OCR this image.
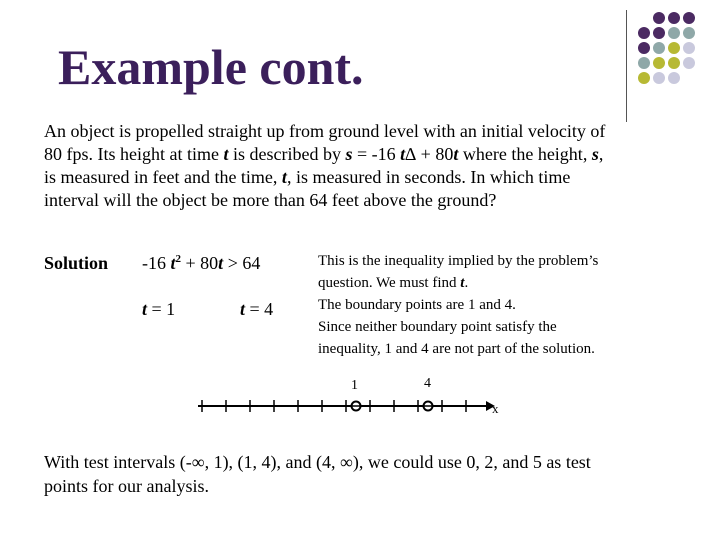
Example cont.

An object is propelled straight up from ground level with an initial velocity of

80 fps. Its height at time t is described by s = -16 t∆ + 80t where the height, s,

is measured in feet and the time, t, is measured in seconds. In which time

interval will the object be more than 64 feet above the ground?

Solution -16 $t^2 + 80t > 64$
t = 1	t = 4

This is the inequality implied by the problem’s

question. We must find t.

The boundary points are 1 and 4.

Since neither boundary point satisfy the

inequality, 1 and 4 are not part of the solution.

1	4
x

With test intervals (-∞, 1), (1, 4), and (4, ∞), we could use 0, 2, and 5 as test

points for our analysis.
